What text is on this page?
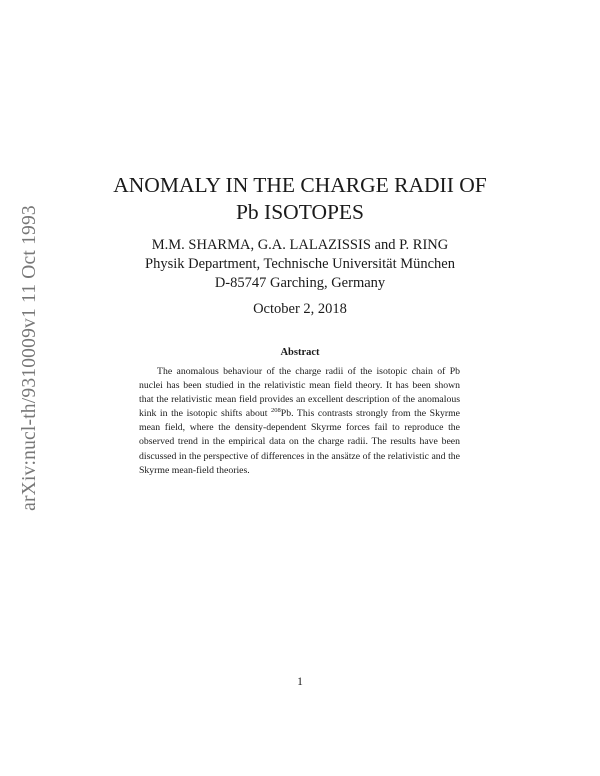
arXiv:nucl-th/9310009v1 11 Oct 1993
ANOMALY IN THE CHARGE RADII OF
Pb ISOTOPES
M.M. SHARMA, G.A. LALAZISSIS and P. RING
Physik Department, Technische Universität München
D-85747 Garching, Germany
October 2, 2018
Abstract
The anomalous behaviour of the charge radii of the isotopic chain of Pb nuclei has been studied in the relativistic mean field theory. It has been shown that the relativistic mean field provides an excellent description of the anomalous kink in the isotopic shifts about $^{208}$Pb. This contrasts strongly from the Skyrme mean field, where the density-dependent Skyrme forces fail to reproduce the observed trend in the empirical data on the charge radii. The results have been discussed in the perspective of differences in the ansätze of the relativistic and the Skyrme mean-field theories.
1
